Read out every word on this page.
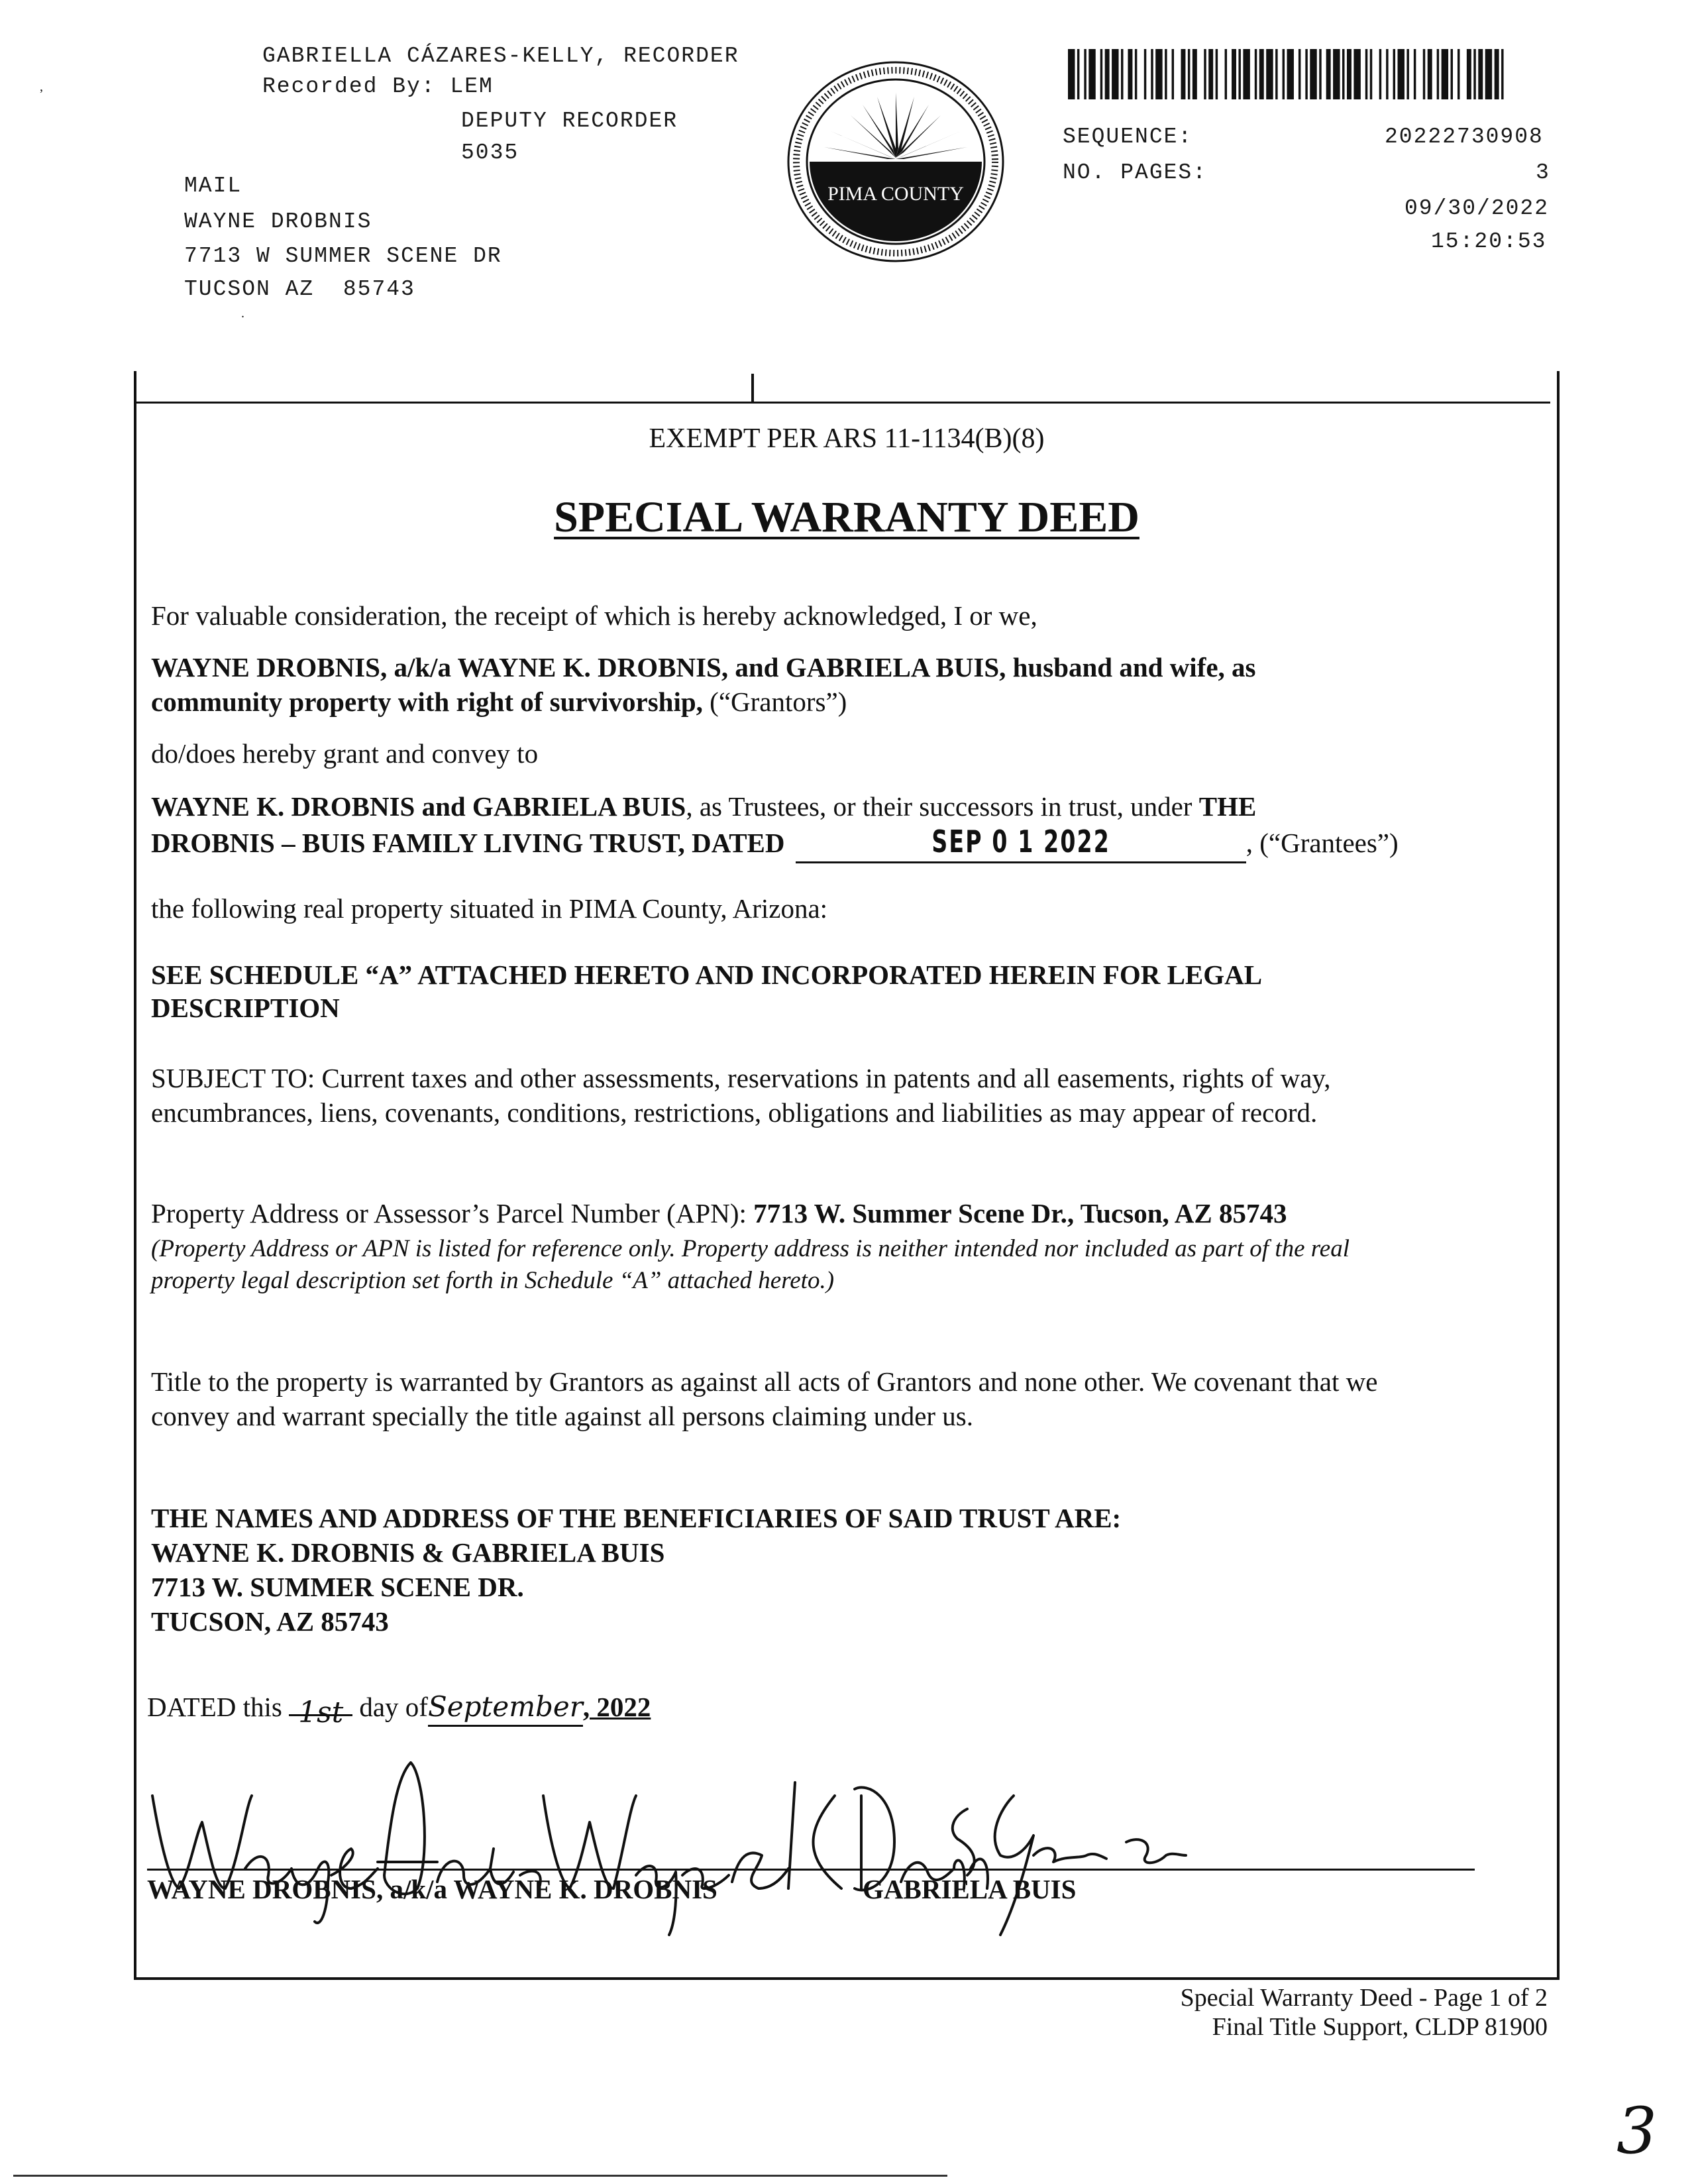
GABRIELLA CÁZARES-KELLY, RECORDER
Recorded By: LEM
DEPUTY RECORDER
5035
MAIL
WAYNE DROBNIS
7713 W SUMMER SCENE DR
TUCSON AZ  85743
,
.
PIMA COUNTY
SEQUENCE:	20222730908
NO. PAGES:	3
09/30/2022
15:20:53
EXEMPT PER ARS 11-1134(B)(8)
SPECIAL WARRANTY DEED
For valuable consideration, the receipt of which is hereby acknowledged, I or we,
WAYNE DROBNIS, a/k/a WAYNE K. DROBNIS, and GABRIELA BUIS, husband and wife, as
community property with right of survivorship, (“Grantors”)
do/does hereby grant and convey to
WAYNE K. DROBNIS and GABRIELA BUIS, as Trustees, or their successors in trust, under THE
DROBNIS – BUIS FAMILY LIVING TRUST, DATED	SEP 0 1 2022	, (“Grantees”)
the following real property situated in PIMA County, Arizona:
SEE SCHEDULE “A” ATTACHED HERETO AND INCORPORATED HEREIN FOR LEGAL
DESCRIPTION
SUBJECT TO: Current taxes and other assessments, reservations in patents and all easements, rights of way,
encumbrances, liens, covenants, conditions, restrictions, obligations and liabilities as may appear of record.
Property Address or Assessor’s Parcel Number (APN): 7713 W. Summer Scene Dr., Tucson, AZ 85743
(Property Address or APN is listed for reference only. Property address is neither intended nor included as part of the real
property legal description set forth in Schedule “A” attached hereto.)
Title to the property is warranted by Grantors as against all acts of Grantors and none other. We covenant that we
convey and warrant specially the title against all persons claiming under us.
THE NAMES AND ADDRESS OF THE BENEFICIARIES OF SAID TRUST ARE:
WAYNE K. DROBNIS & GABRIELA BUIS
7713 W. SUMMER SCENE DR.
TUCSON, AZ 85743
DATED this 1st day ofSeptember, 2022
WAYNE DROBNIS, a/k/a WAYNE K. DROBNIS	GABRIELA BUIS
Special Warranty Deed - Page 1 of 2
Final Title Support, CLDP 81900
3
